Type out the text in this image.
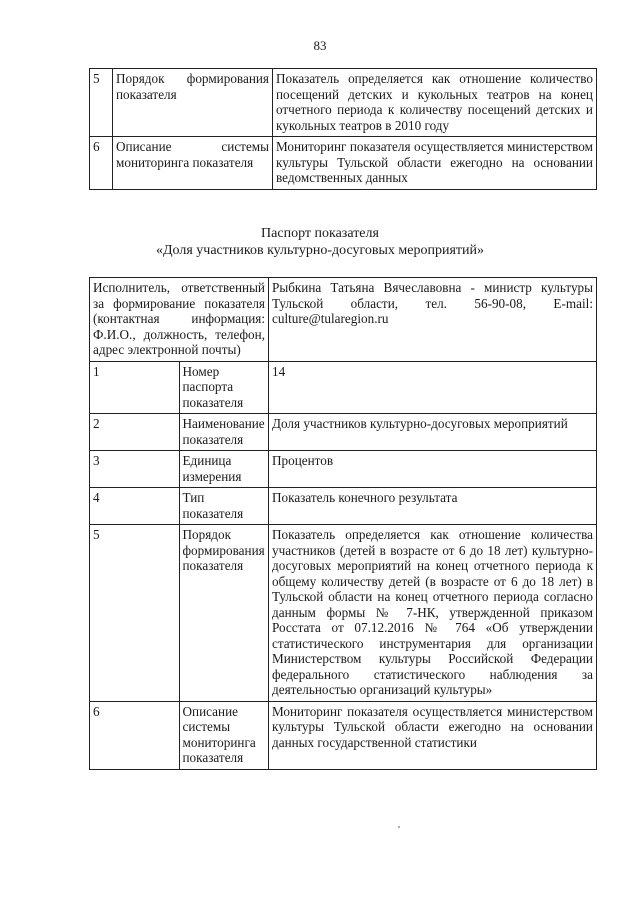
83
5	Порядок формирования показателя	Показатель определяется как отношение количество посещений детских и кукольных театров на конец отчетного периода к количеству посещений детских и кукольных театров в 2010 году
6	Описание системы мониторинга показателя	Мониторинг показателя осуществляется министерством культуры Тульской области ежегодно на основании ведомственных данных
Паспорт показателя
«Доля участников культурно-досуговых мероприятий»
Исполнитель, ответственный за формирование показателя (контактная информация: Ф.И.О., должность, телефон, адрес электронной почты)		Рыбкина Татьяна Вячеславовна - министр культуры Тульской области, тел. 56-90-08, E-mail: culture@tularegion.ru
1	Номер паспорта показателя	14
2	Наименование показателя	Доля участников культурно-досуговых мероприятий
3	Единица измерения	Процентов
4	Тип показателя	Показатель конечного результата
5	Порядок формирования показателя	Показатель определяется как отношение количества участников (детей в возрасте от 6 до 18 лет) культурно-досуговых мероприятий на конец отчетного периода к общему количеству детей (в возрасте от 6 до 18 лет) в Тульской области на конец отчетного периода согласно данным формы № 7-НК, утвержденной приказом Росстата от 07.12.2016 № 764 «Об утверждении статистического инструментария для организации Министерством культуры Российской Федерации федерального статистического наблюдения за деятельностью организаций культуры»
6	Описание системы мониторинга показателя	Мониторинг показателя осуществляется министерством культуры Тульской области ежегодно на основании данных государственной статистики
